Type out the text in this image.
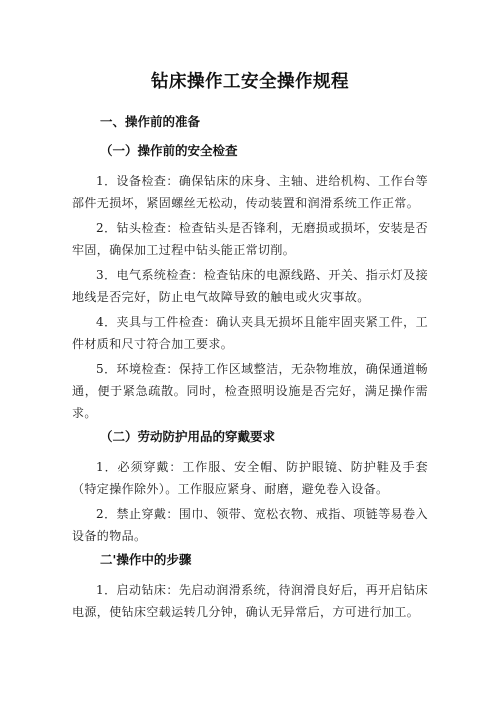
钻床操作工安全操作规程
一、操作前的准备
（一）操作前的安全检查

1．设备检查：确保钻床的床身、主轴、进给机构、工作台等部件无损坏，紧固螺丝无松动，传动装置和润滑系统工作正常。

2．钻头检查：检查钻头是否锋利，无磨损或损坏，安装是否牢固，确保加工过程中钻头能正常切削。

3．电气系统检查：检查钻床的电源线路、开关、指示灯及接地线是否完好，防止电气故障导致的触电或火灾事故。

4．夹具与工件检查：确认夹具无损坏且能牢固夹紧工件，工件材质和尺寸符合加工要求。

5．环境检查：保持工作区域整洁，无杂物堆放，确保通道畅通，便于紧急疏散。同时，检查照明设施是否完好，满足操作需求。

（二）劳动防护用品的穿戴要求

1．必须穿戴：工作服、安全帽、防护眼镜、防护鞋及手套（特定操作除外）。工作服应紧身、耐磨，避免卷入设备。

2．禁止穿戴：围巾、领带、宽松衣物、戒指、项链等易卷入设备的物品。

二'操作中的步骤

1．启动钻床：先启动润滑系统，待润滑良好后，再开启钻床电源，使钻床空载运转几分钟，确认无异常后，方可进行加工。
